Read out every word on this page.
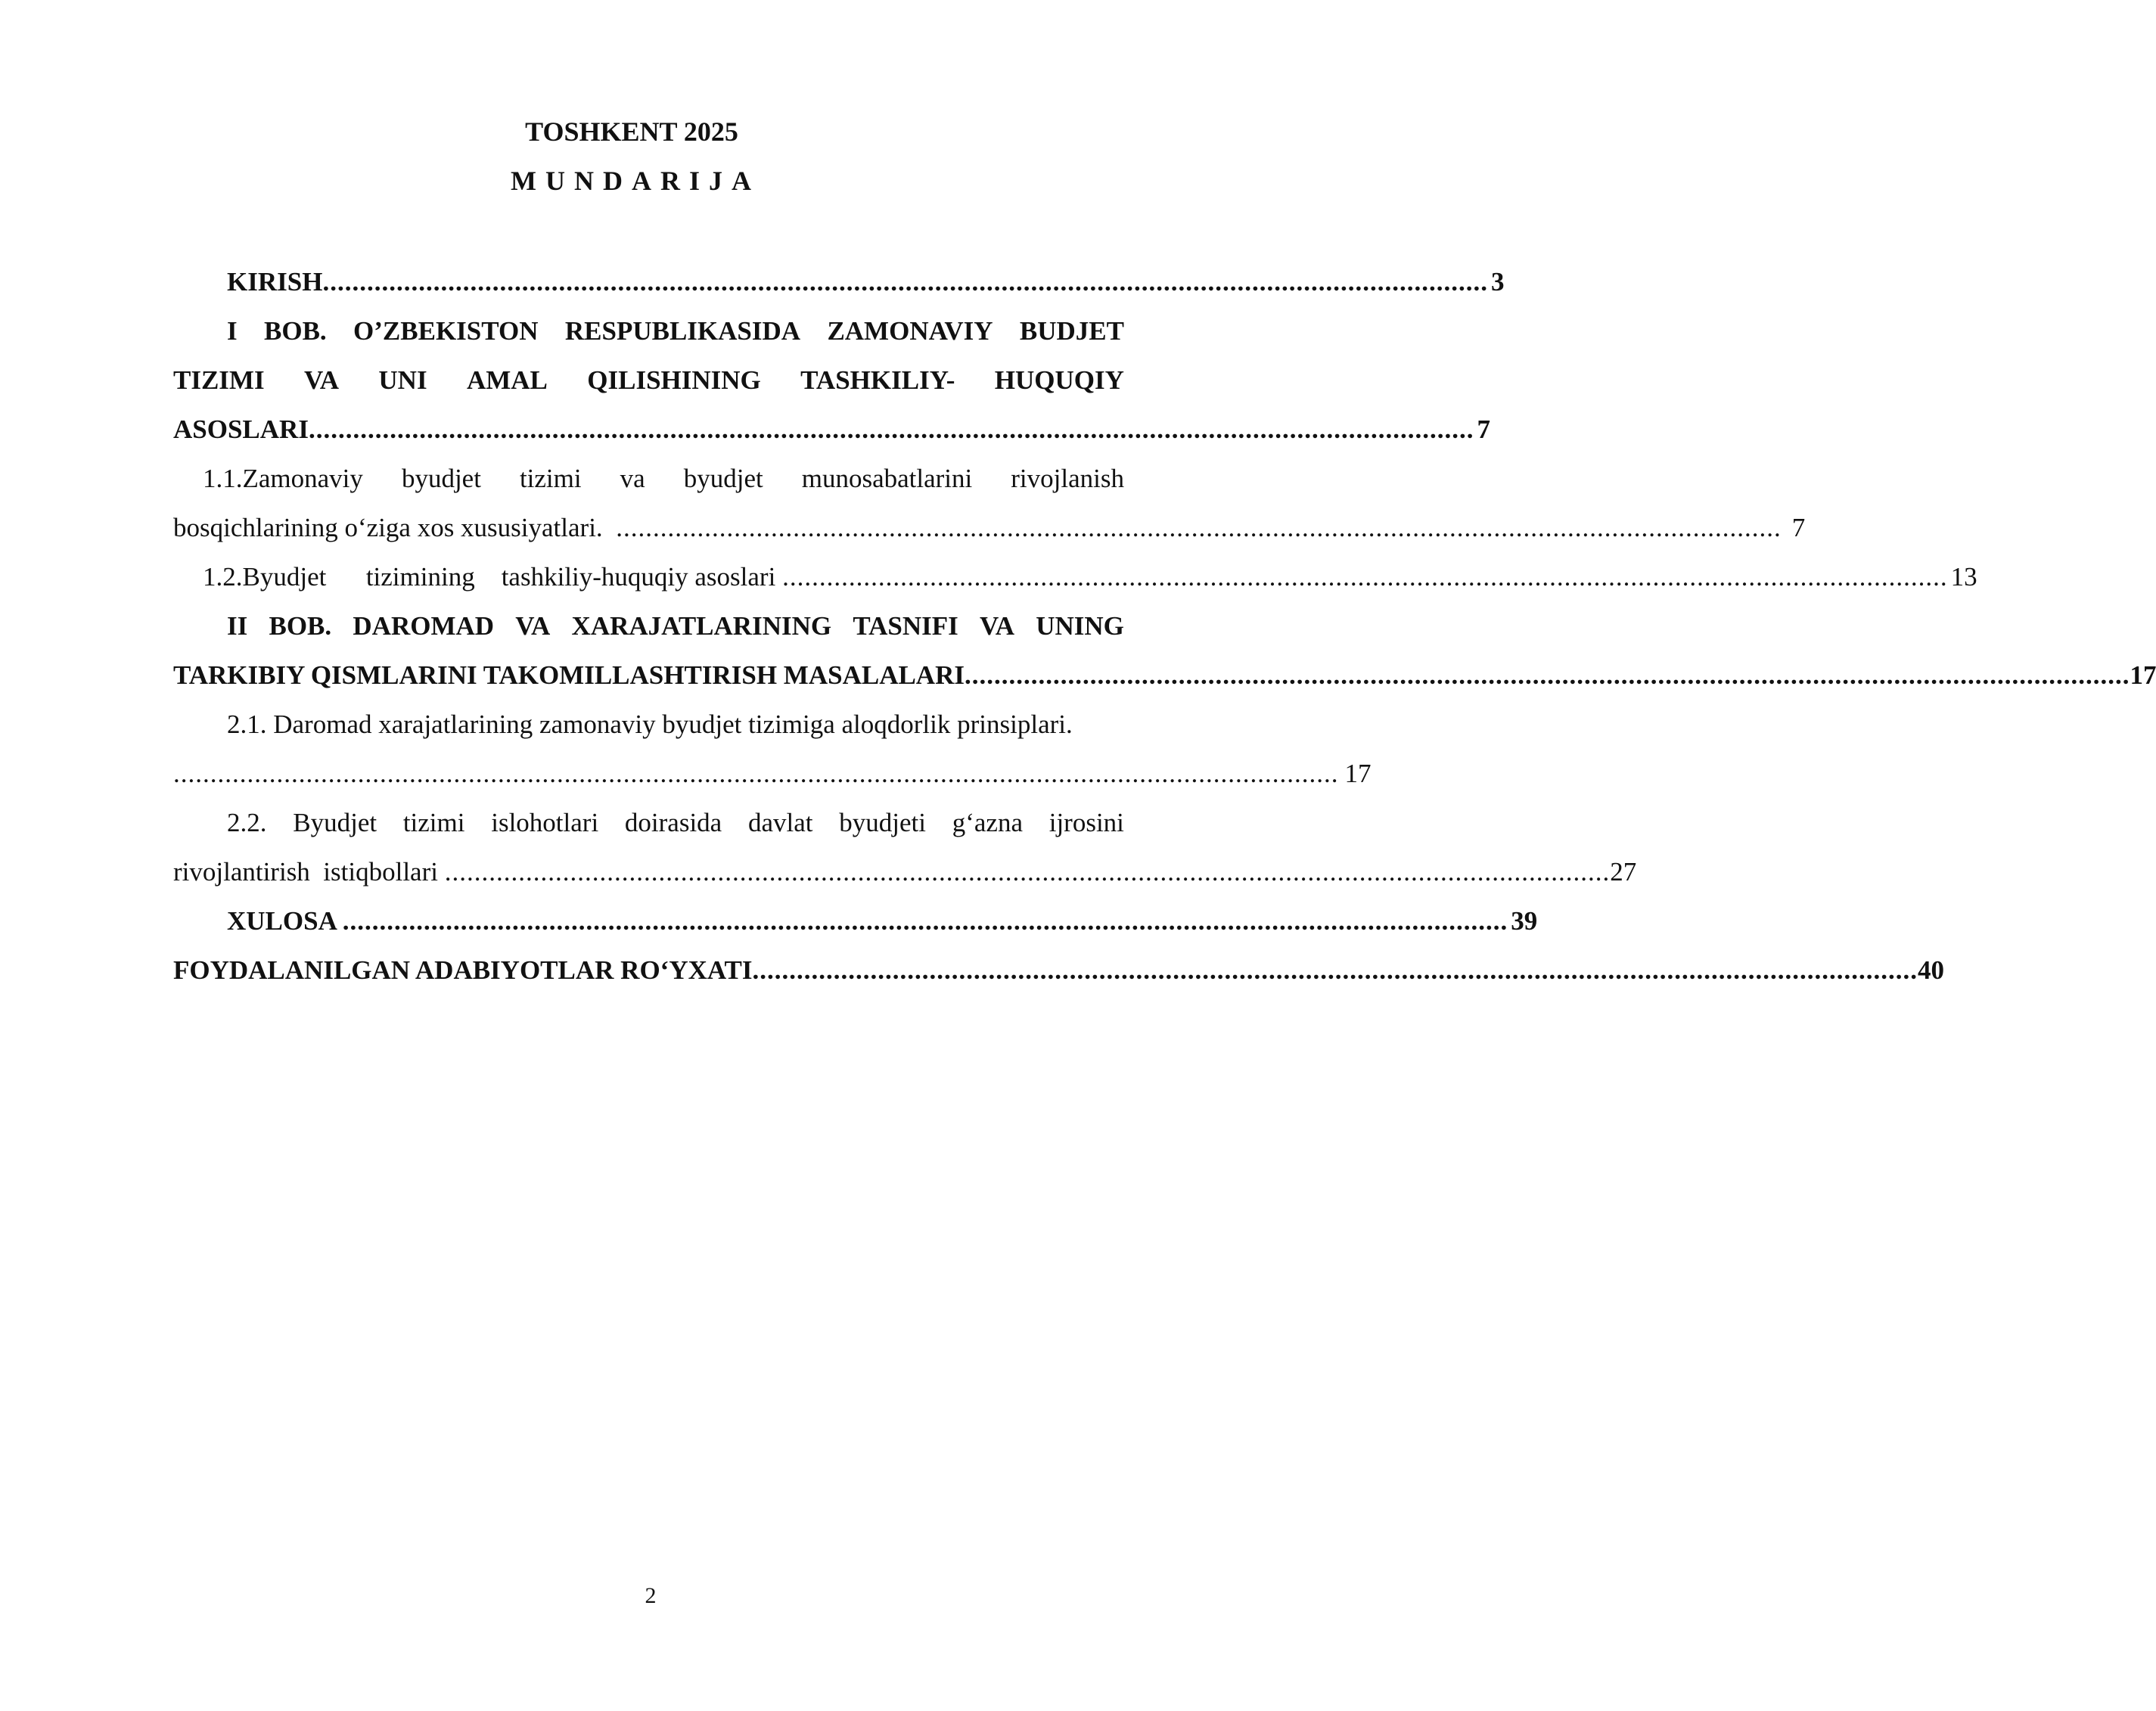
TOSHKENT 2025
MUNDARIJA
KIRISH .............................................................................................................................................................. 3
I BOB. O’ZBEKISTON RESPUBLIKASIDA ZAMONAVIY BUDJET
TIZIMI VA UNI AMAL QILISHINING TASHKILIY- HUQUQIY
ASOSLARI .............................................................................................................................................................. 7
1.1.Zamonaviy byudjet tizimi va byudjet munosabatlarini rivojlanish
bosqichlarining o‘ziga xos xususiyatlari. .............................................................................................................................................................. 7
1.2.Byudjet      tizimining    tashkiliy-huquqiy asoslari .............................................................................................................................................................. 13
II BOB. DAROMAD VA XARAJATLARINING TASNIFI VA UNING
TARKIBIY QISMLARINI TAKOMILLASHTIRISH MASALALARI .............................................................................................................................................................. 17
2.1. Daromad xarajatlarining zamonaviy byudjet tizimiga aloqdorlik prinsiplari.
.............................................................................................................................................................. 17
2.2. Byudjet tizimi islohotlari doirasida davlat byudjeti g‘azna ijrosini
rivojlantirish  istiqbollari .............................................................................................................................................................. 27
XULOSA .............................................................................................................................................................. 39
FOYDALANILGAN ADABIYOTLAR RO‘YXATI .............................................................................................................................................................. 40
2
